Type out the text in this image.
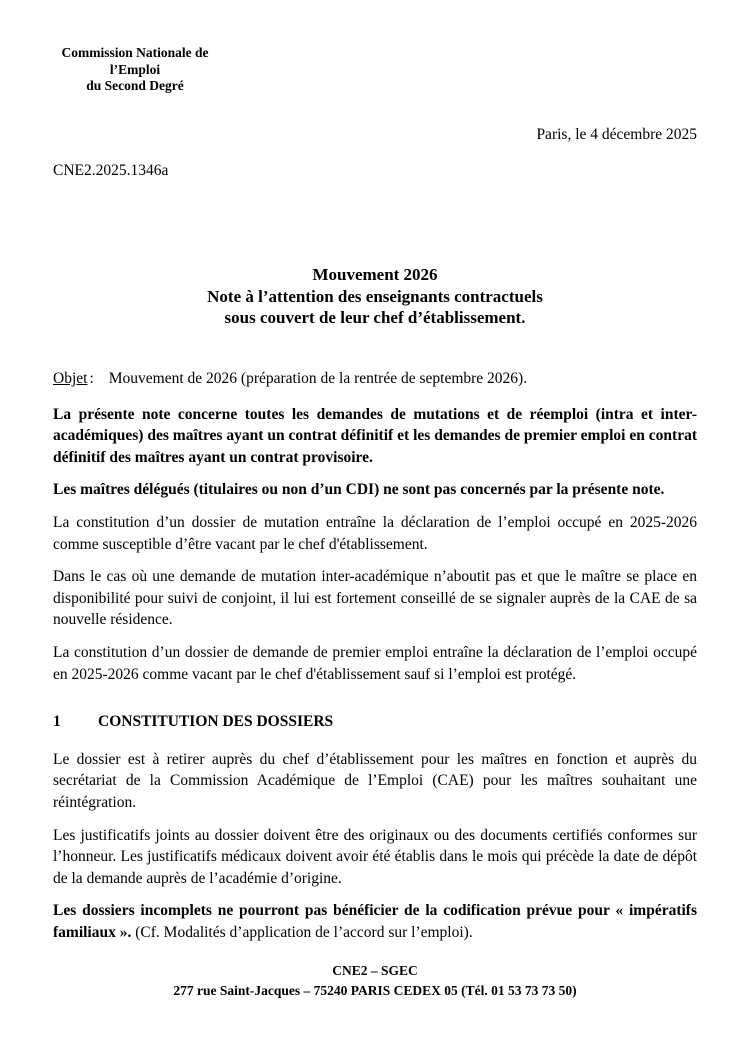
Commission Nationale de l’Emploi
du Second Degré
Paris, le 4 décembre 2025
CNE2.2025.1346a
Mouvement 2026
Note à l’attention des enseignants contractuels
sous couvert de leur chef d’établissement.
Objet : Mouvement de 2026 (préparation de la rentrée de septembre 2026).

La présente note concerne toutes les demandes de mutations et de réemploi (intra et inter-académiques) des maîtres ayant un contrat définitif et les demandes de premier emploi en contrat définitif des maîtres ayant un contrat provisoire.

Les maîtres délégués (titulaires ou non d’un CDI) ne sont pas concernés par la présente note.

La constitution d’un dossier de mutation entraîne la déclaration de l’emploi occupé en 2025-2026 comme susceptible d’être vacant par le chef d'établissement.

Dans le cas où une demande de mutation inter-académique n’aboutit pas et que le maître se place en disponibilité pour suivi de conjoint, il lui est fortement conseillé de se signaler auprès de la CAE de sa nouvelle résidence.

La constitution d’un dossier de demande de premier emploi entraîne la déclaration de l’emploi occupé en 2025-2026 comme vacant par le chef d'établissement sauf si l’emploi est protégé.

1 CONSTITUTION DES DOSSIERS

Le dossier est à retirer auprès du chef d’établissement pour les maîtres en fonction et auprès du secrétariat de la Commission Académique de l’Emploi (CAE) pour les maîtres souhaitant une réintégration.

Les justificatifs joints au dossier doivent être des originaux ou des documents certifiés conformes sur l’honneur. Les justificatifs médicaux doivent avoir été établis dans le mois qui précède la date de dépôt de la demande auprès de l’académie d’origine.

Les dossiers incomplets ne pourront pas bénéficier de la codification prévue pour « impératifs familiaux ». (Cf. Modalités d’application de l’accord sur l’emploi).

CNE2 – SGEC
277 rue Saint-Jacques – 75240 PARIS CEDEX 05 (Tél. 01 53 73 73 50)
